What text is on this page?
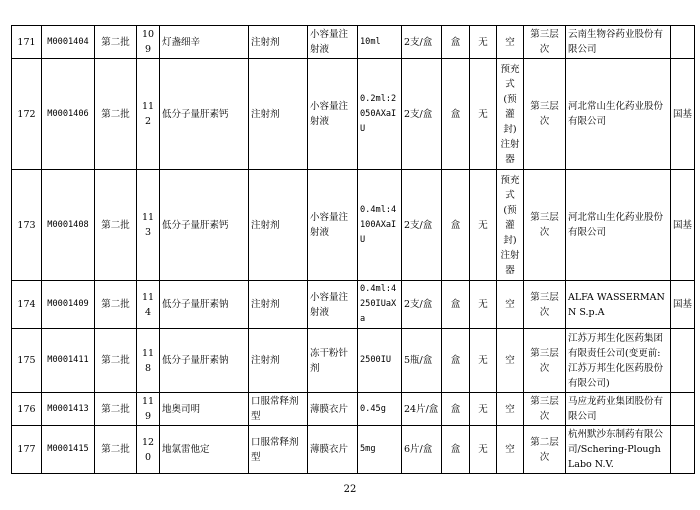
171	M0001404	第二批	109	灯盏细辛	注射剂	小容量注射液	10ml	2支/盒	盒	无	空	第三层次	云南生物谷药业股份有限公司	
172	M0001406	第二批	112	低分子量肝素钙	注射剂	小容量注射液	0.2ml:2050AXaIU	2支/盒	盒	无	预充式(预灌封)注射器	第三层次	河北常山生化药业股份有限公司	国基
173	M0001408	第二批	113	低分子量肝素钙	注射剂	小容量注射液	0.4ml:4100AXaIU	2支/盒	盒	无	预充式(预灌封)注射器	第三层次	河北常山生化药业股份有限公司	国基
174	M0001409	第二批	114	低分子量肝素钠	注射剂	小容量注射液	0.4ml:4250IUaXa	2支/盒	盒	无	空	第三层次	ALFA WASSERMANN S.p.A	国基
175	M0001411	第二批	118	低分子量肝素钠	注射剂	冻干粉针剂	2500IU	5瓶/盒	盒	无	空	第三层次	江苏万邦生化医药集团有限责任公司(变更前:江苏万邦生化医药股份有限公司)	
176	M0001413	第二批	119	地奥司明	口服常释剂型	薄膜衣片	0.45g	24片/盒	盒	无	空	第三层次	马应龙药业集团股份有限公司	
177	M0001415	第二批	120	地氯雷他定	口服常释剂型	薄膜衣片	5mg	6片/盒	盒	无	空	第二层次	杭州默沙东制药有限公司/Schering-Plough Labo N.V.	
22
